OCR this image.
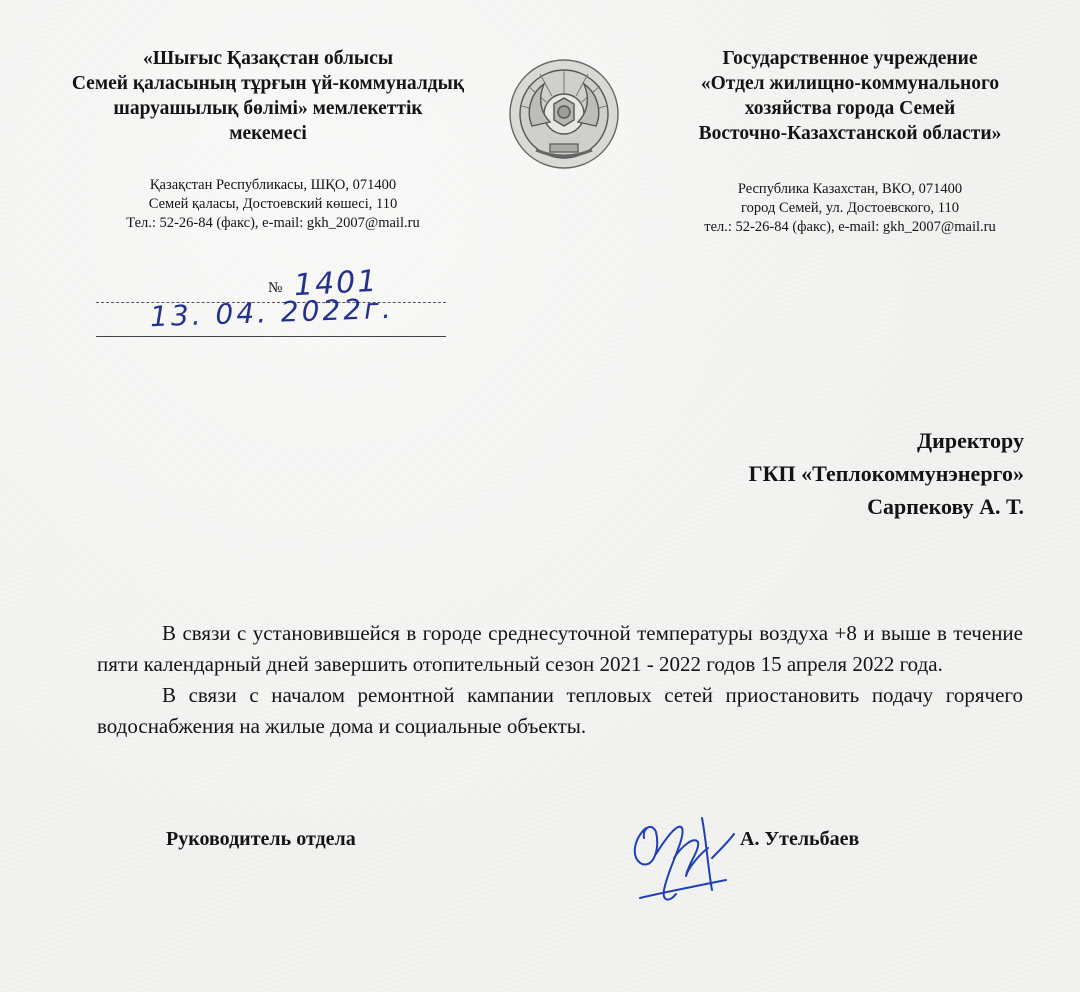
«Шығыс Қазақстан облысы
Семей қаласының тұрғын үй-коммуналдық
шаруашылық бөлімі» мемлекеттік
мекемесі
Қазақстан Республикасы, ШҚО, 071400
Семей қаласы, Достоевский көшесі, 110
Тел.: 52-26-84 (факс), e-mail: gkh_2007@mail.ru
Государственное учреждение
«Отдел жилищно-коммунального
хозяйства города Семей
Восточно-Казахстанской области»
Республика Казахстан, ВКО, 071400
город Семей, ул. Достоевского, 110
тел.: 52-26-84 (факс), e-mail: gkh_2007@mail.ru
№ 1401
13. 04. 2022г.
Директору
ГКП «Теплокоммунэнерго»
Сарпекову А. Т.

В связи с установившейся в городе среднесуточной температуры воздуха +8 и выше в течение пяти календарный дней завершить отопительный сезон 2021 - 2022 годов 15 апреля 2022 года.

В связи с началом ремонтной кампании тепловых сетей приостановить подачу горячего водоснабжения на жилые дома и социальные объекты.

Руководитель отдела	А. Утельбаев
